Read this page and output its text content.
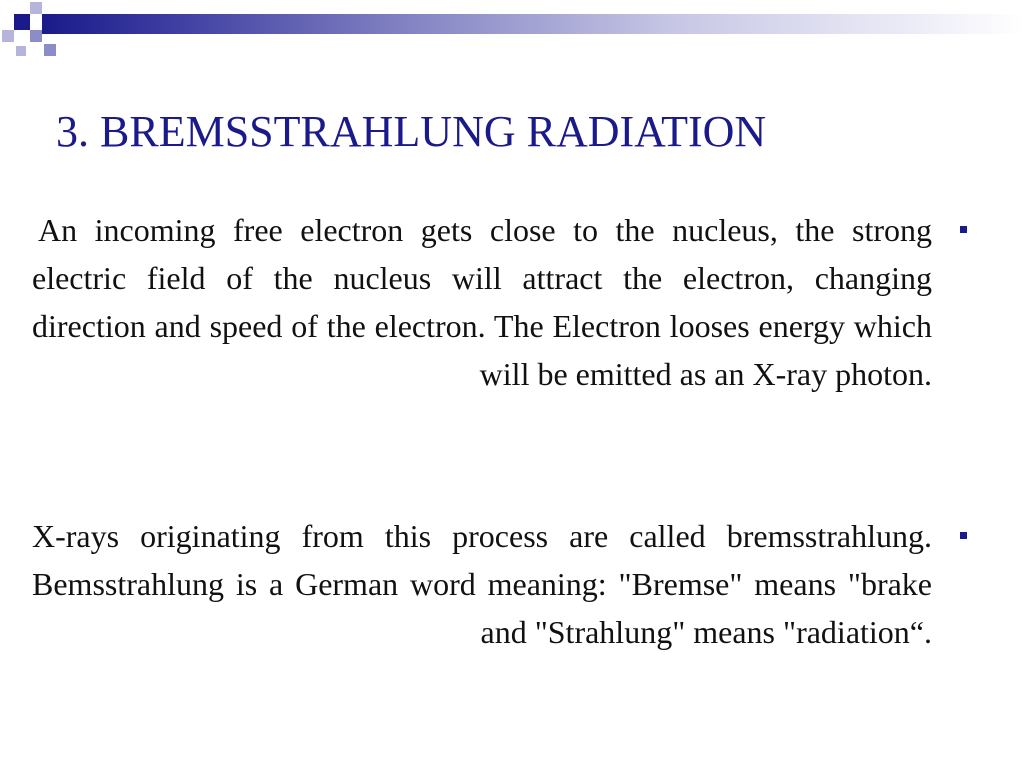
3. BREMSSTRAHLUNG RADIATION

An incoming free electron gets close to the nucleus, the strong electric field of the nucleus will attract the electron, changing direction and speed of the electron. The Electron looses energy which will be emitted as an X-ray photon.

X-rays originating from this process are called bremsstrahlung. Bemsstrahlung is a German word meaning: "Bremse" means "brake and "Strahlung" means "radiation“.
